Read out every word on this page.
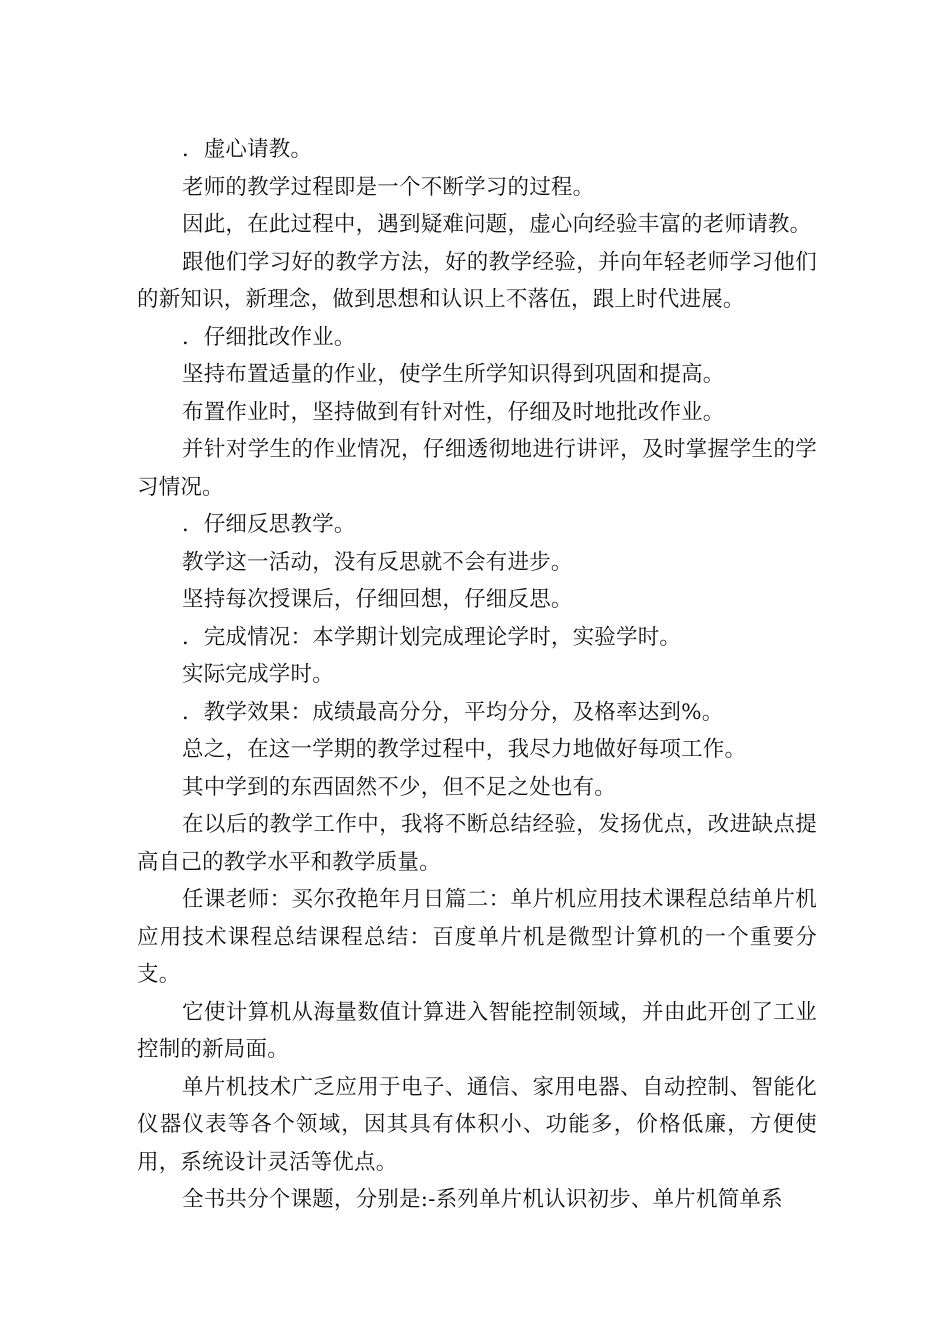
．虚心请教。

老师的教学过程即是一个不断学习的过程。

因此，在此过程中，遇到疑难问题，虚心向经验丰富的老师请教。

跟他们学习好的教学方法，好的教学经验，并向年轻老师学习他们的新知识，新理念，做到思想和认识上不落伍，跟上时代进展。

．仔细批改作业。

坚持布置适量的作业，使学生所学知识得到巩固和提高。

布置作业时，坚持做到有针对性，仔细及时地批改作业。

并针对学生的作业情况，仔细透彻地进行讲评，及时掌握学生的学习情况。

．仔细反思教学。

教学这一活动，没有反思就不会有进步。

坚持每次授课后，仔细回想，仔细反思。

．完成情况：本学期计划完成理论学时，实验学时。

实际完成学时。

．教学效果：成绩最高分分，平均分分，及格率达到%。

总之，在这一学期的教学过程中，我尽力地做好每项工作。

其中学到的东西固然不少，但不足之处也有。

在以后的教学工作中，我将不断总结经验，发扬优点，改进缺点提高自己的教学水平和教学质量。

任课老师：买尔孜艳年月日篇二：单片机应用技术课程总结单片机应用技术课程总结课程总结：百度单片机是微型计算机的一个重要分支。

它使计算机从海量数值计算进入智能控制领域，并由此开创了工业控制的新局面。

单片机技术广乏应用于电子、通信、家用电器、自动控制、智能化仪器仪表等各个领域，因其具有体积小、功能多，价格低廉，方便使用，系统设计灵活等优点。

全书共分个课题，分别是:-系列单片机认识初步、单片机简单系
